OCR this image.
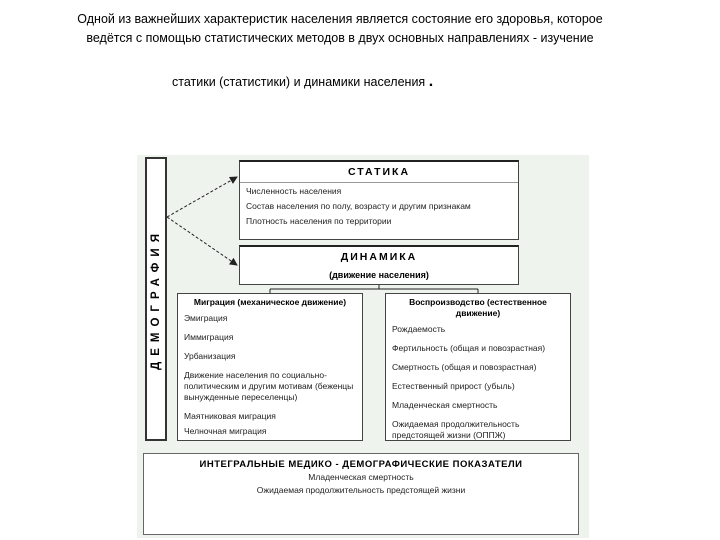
Одной из важнейших характеристик населения является состояние его здоровья, которое
ведётся с помощью статистических методов в двух основных направлениях - изучение
статики (статистики) и динамики населения .
ДЕМОГРАФИЯ
СТАТИКА
Численность населения
Состав населения по полу, возрасту и другим признакам
Плотность населения по территории
ДИНАМИКА
(движение населения)
Миграция (механическое движение)
Эмиграция
Иммиграция
Урбанизация
Движение населения по социально-политическим и другим мотивам (беженцы вынужденные переселенцы)
Маятниковая миграция
Челночная миграция
Воспроизводство (естественное движение)
Рождаемость
Фертильность (общая и повозрастная)
Смертность (общая и повозрастная)
Естественный прирост (убыль)
Младенческая смертность
Ожидаемая продолжительность предстоящей жизни (ОППЖ)
ИНТЕГРАЛЬНЫЕ МЕДИКО - ДЕМОГРАФИЧЕСКИЕ ПОКАЗАТЕЛИ
Младенческая смертность
Ожидаемая продолжительность предстоящей жизни
